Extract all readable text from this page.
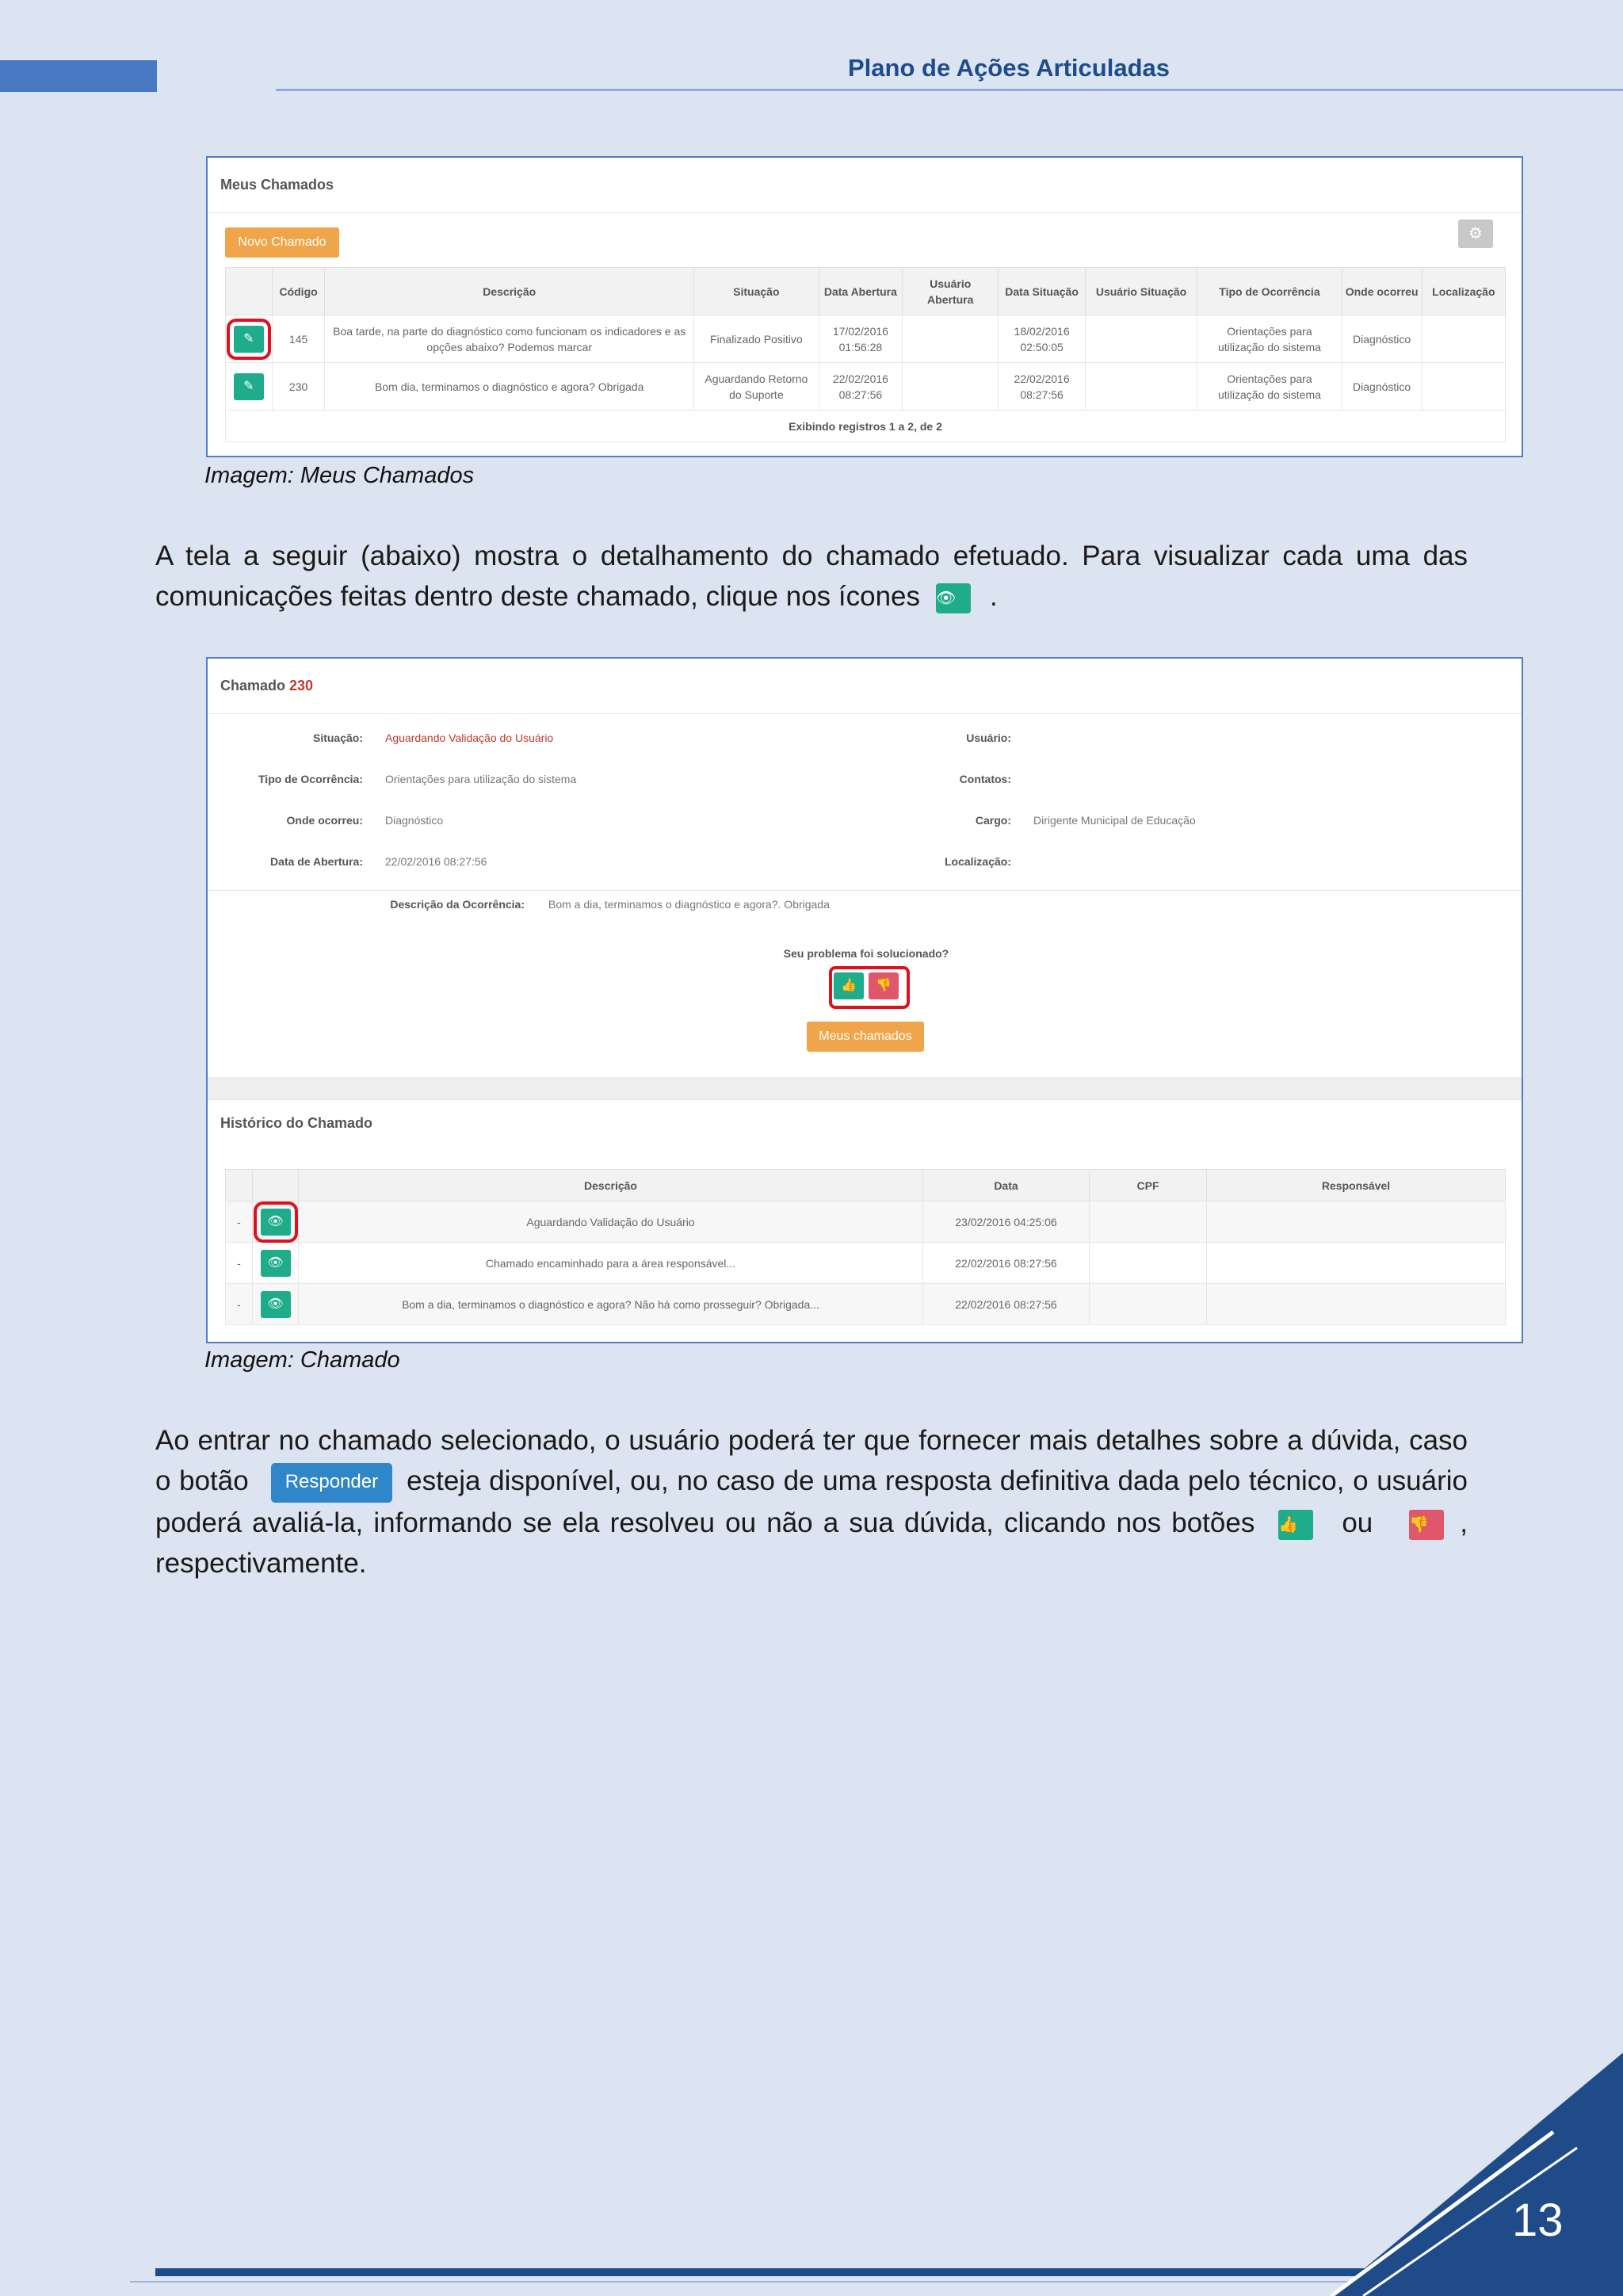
Plano de Ações Articuladas
Meus Chamados
Novo Chamado	⚙
	Código	Descrição	Situação	Data Abertura	Usuário Abertura	Data Situação	Usuário Situação	Tipo de Ocorrência	Onde ocorreu	Localização
✎	145	Boa tarde, na parte do diagnóstico como funcionam os indicadores e as opções abaixo? Podemos marcar	Finalizado Positivo	17/02/2016 01:56:28		18/02/2016 02:50:05		Orientações para utilização do sistema	Diagnóstico	
✎	230	Bom dia, terminamos o diagnóstico e agora? Obrigada	Aguardando Retorno do Suporte	22/02/2016 08:27:56		22/02/2016 08:27:56		Orientações para utilização do sistema	Diagnóstico	
Exibindo registros 1 a 2, de 2										
Imagem: Meus Chamados
A tela a seguir (abaixo) mostra o detalhamento do chamado efetuado. Para visualizar cada uma das comunicações feitas dentro deste chamado, clique nos ícones 👁 .
Chamado 230
Situação: Aguardando Validação do Usuário
Tipo de Ocorrência: Orientações para utilização do sistema
Onde ocorreu: Diagnóstico
Data de Abertura: 22/02/2016 08:27:56
Usuário:
Contatos:
Cargo: Dirigente Municipal de Educação
Localização:
Descrição da Ocorrência: Bom a dia, terminamos o diagnóstico e agora?. Obrigada
Seu problema foi solucionado?
👍	👎
Meus chamados
Histórico do Chamado
		Descrição	Data	CPF	Responsável
-	👁	Aguardando Validação do Usuário	23/02/2016 04:25:06		
-	👁	Chamado encaminhado para a área responsável...	22/02/2016 08:27:56		
-	👁	Bom a dia, terminamos o diagnóstico e agora? Não há como prosseguir? Obrigada...	22/02/2016 08:27:56		
Imagem: Chamado
Ao entrar no chamado selecionado, o usuário poderá ter que fornecer mais detalhes sobre a dúvida, caso o botão Responder esteja disponível, ou, no caso de uma resposta definitiva dada pelo técnico, o usuário poderá avaliá-la, informando se ela resolveu ou não a sua dúvida, clicando nos botões 👍 ou 👎 , respectivamente.
13
